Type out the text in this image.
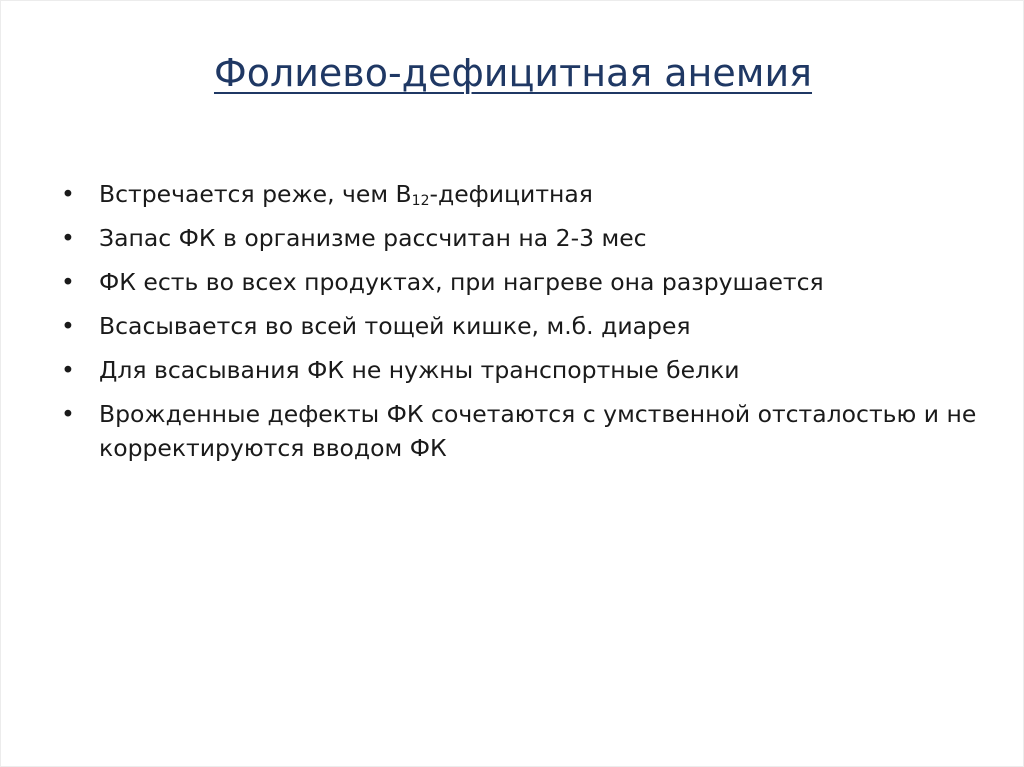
Фолиево-дефицитная анемия
• Встречается реже, чем $B_{12}$-дефицитная
• Запас ФК в организме рассчитан на 2-3 мес
• ФК есть во всех продуктах, при нагреве она разрушается
• Всасывается во всей тощей кишке, м.б. диарея
• Для всасывания ФК не нужны транспортные белки
• Врожденные дефекты ФК сочетаются с умственной отсталостью и не корректируются вводом ФК
